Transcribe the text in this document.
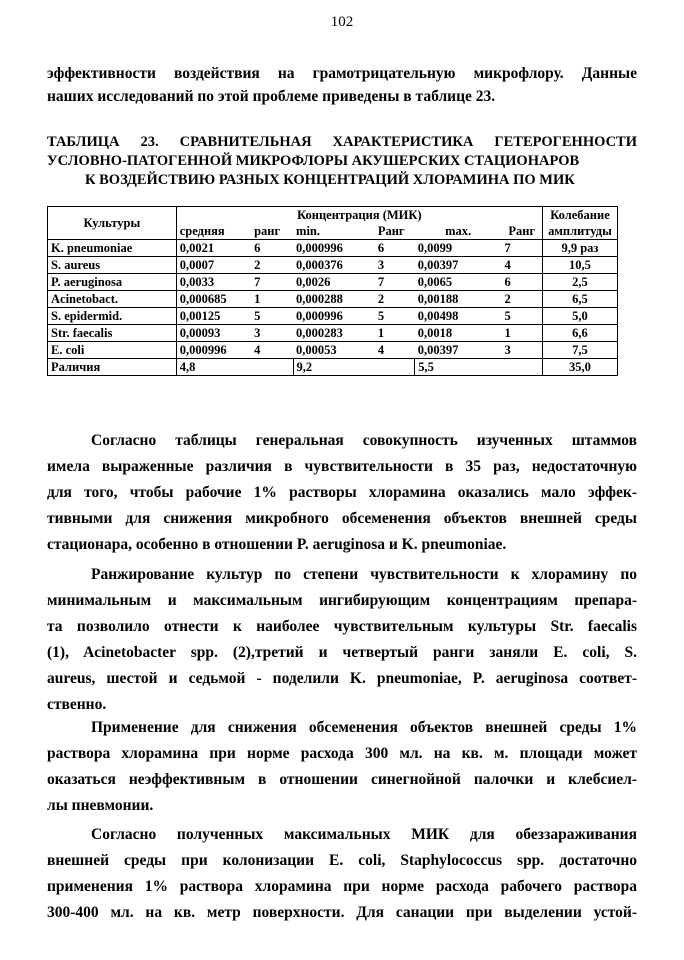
102
эффективности воздействия на грамотрицательную микрофлору. Данные
наших исследований по этой проблеме приведены в таблице 23.
ТАБЛИЦА 23. СРАВНИТЕЛЬНАЯ ХАРАКТЕРИСТИКА ГЕТЕРОГЕННОСТИ
УСЛОВНО-ПАТОГЕННОЙ МИКРОФЛОРЫ АКУШЕРСКИХ СТАЦИОНАРОВ
К ВОЗДЕЙСТВИЮ РАЗНЫХ КОНЦЕНТРАЦИЙ ХЛОРАМИНА ПО МИК
Культуры	Концентрация (МИК)						Колебание
	средняя	ранг	min.	Ранг	max.	Ранг	амплитуды
K. pneumoniae	0,0021	6	0,000996	6	0,0099	7	9,9 раз
S. aureus	0,0007	2	0,000376	3	0,00397	4	10,5
P. aeruginosa	0,0033	7	0,0026	7	0,0065	6	2,5
Acinetobact.	0,000685	1	0,000288	2	0,00188	2	6,5
S. epidermid.	0,00125	5	0,000996	5	0,00498	5	5,0
Str. faecalis	0,00093	3	0,000283	1	0,0018	1	6,6
E. coli	0,000996	4	0,00053	4	0,00397	3	7,5
Раличия	4,8		9,2		5,5		35,0
Согласно таблицы генеральная совокупность изученных штаммов
имела выраженные различия в чувствительности в 35 раз, недостаточную
для того, чтобы рабочие 1% растворы хлорамина оказались мало эффек-
тивными для снижения микробного обсеменения объектов внешней среды
стационара, особенно в отношении P. aeruginosa и K. pneumoniae.
Ранжирование культур по степени чувствительности к хлорамину по
минимальным и максимальным ингибирующим концентрациям препара-
та позволило отнести к наиболее чувствительным культуры Str. faecalis
(1), Acinetobacter spp. (2),третий и четвертый ранги заняли E. coli, S.
aureus, шестой и седьмой - поделили K. pneumoniae, P. aeruginosa соответ-
ственно.
Применение для снижения обсеменения объектов внешней среды 1%
раствора хлорамина при норме расхода 300 мл. на кв. м. площади может
оказаться неэффективным в отношении синегнойной палочки и клебсиел-
лы пневмонии.
Согласно полученных максимальных МИК для обеззараживания
внешней среды при колонизации E. coli, Staphylococcus spp. достаточно
применения 1% раствора хлорамина при норме расхода рабочего раствора
300-400 мл. на кв. метр поверхности. Для санации при выделении устой-
